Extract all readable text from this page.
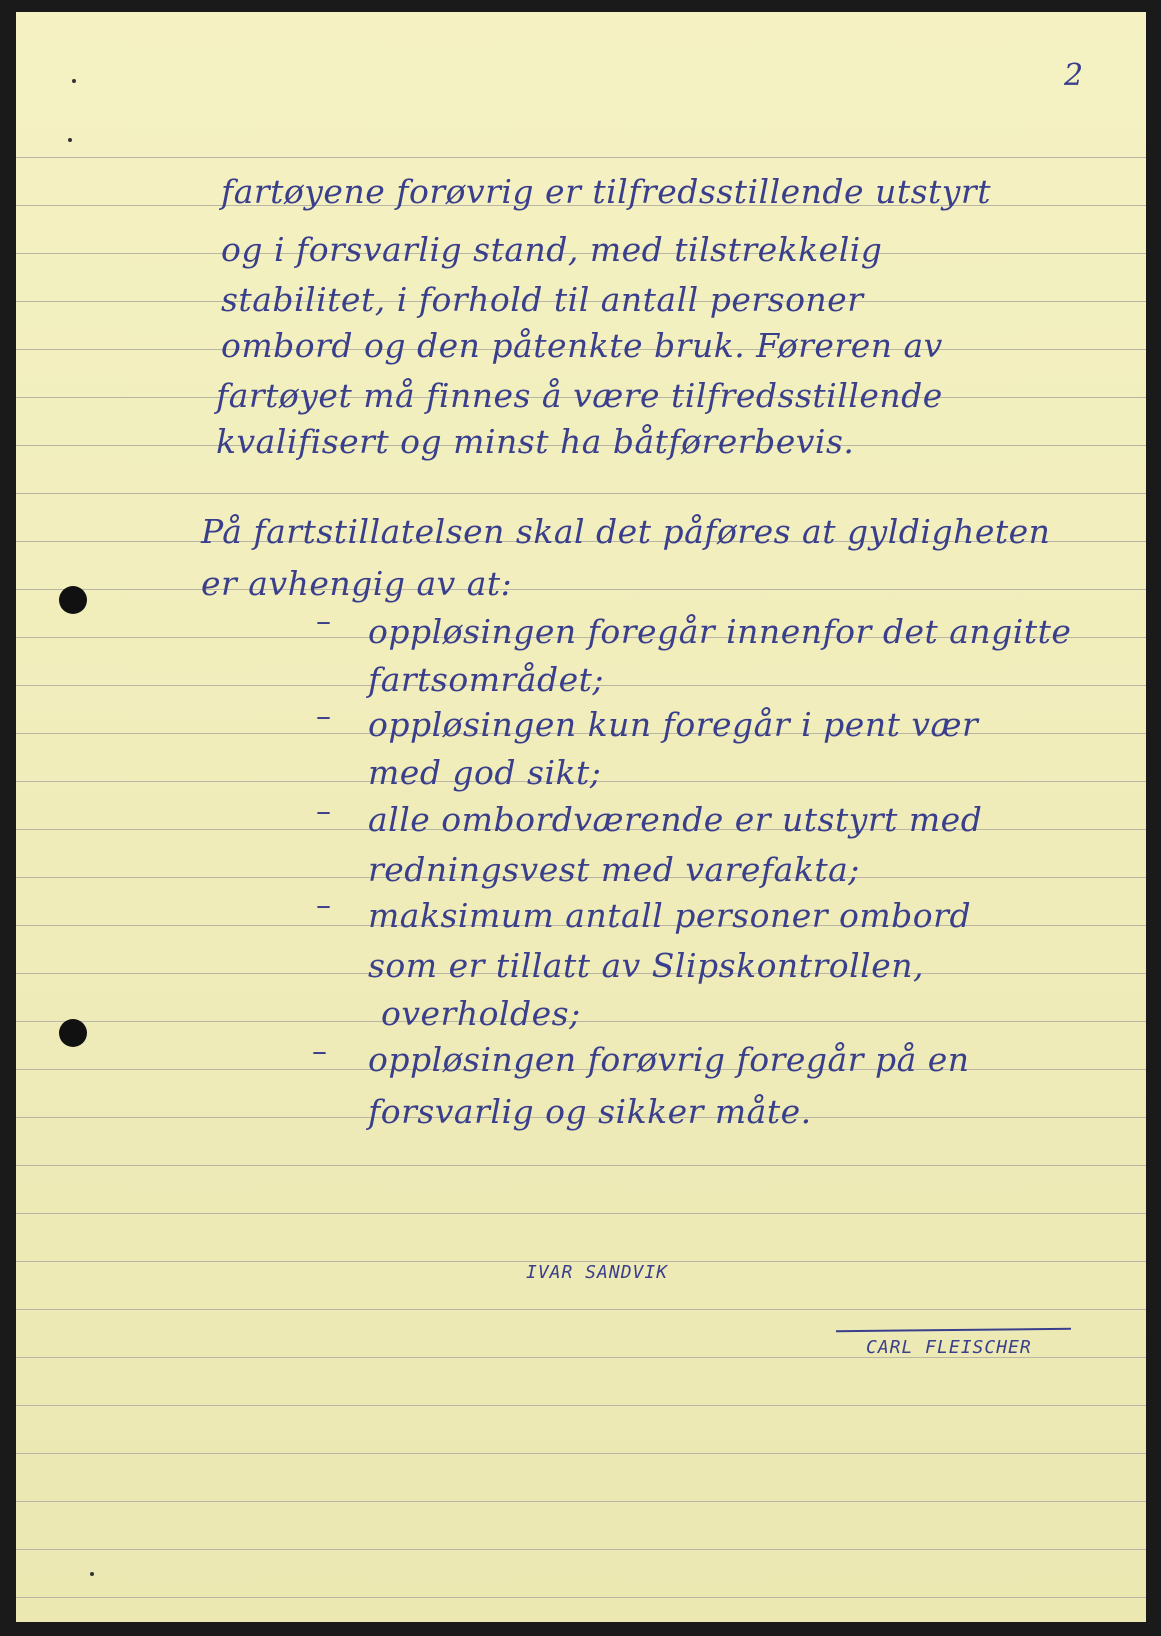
2
fartøyene forøvrig er tilfredsstillende utstyrt
og i forsvarlig stand, med tilstrekkelig
stabilitet, i forhold til antall personer
ombord og den påtenkte bruk. Føreren av
fartøyet må finnes å være tilfredsstillende
kvalifisert og minst ha båtførerbevis.
På fartstillatelsen skal det påføres at gyldigheten
er avhengig av at:
– oppløsingen foregår innenfor det angitte
fartsområdet;
– oppløsingen kun foregår i pent vær
med god sikt;
– alle ombordværende er utstyrt med
redningsvest med varefakta;
– maksimum antall personer ombord
som er tillatt av Slipskontrollen,
overholdes;
– oppløsingen forøvrig foregår på en
forsvarlig og sikker måte.
IVAR SANDVIK
CARL FLEISCHER
